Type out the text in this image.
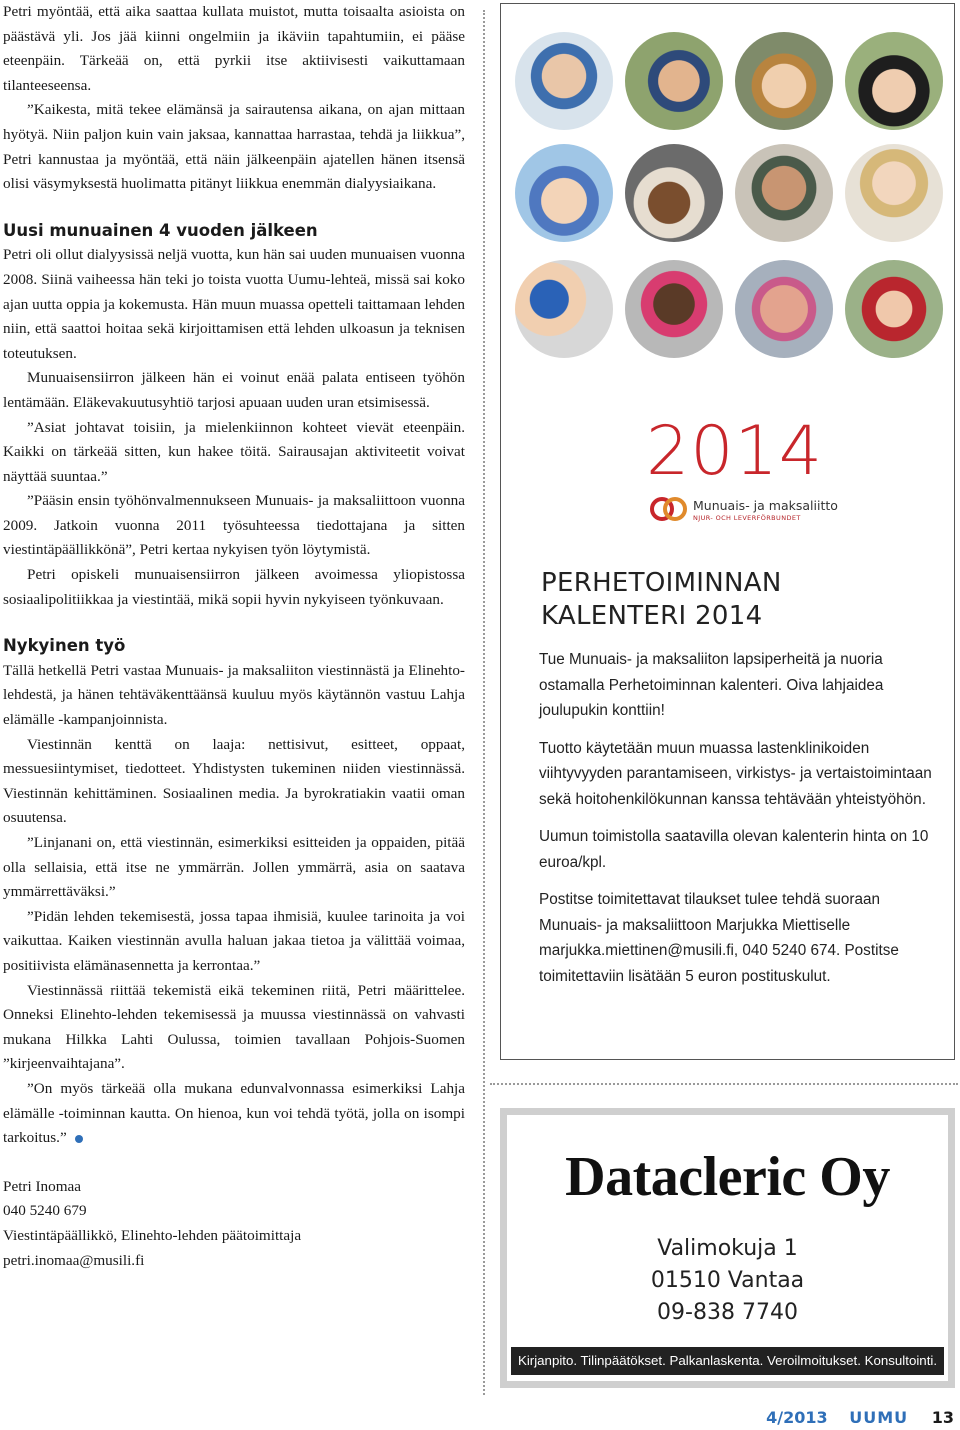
Petri myöntää, että aika saattaa kullata muistot, mutta toisaalta asioista on päästävä yli. Jos jää kiinni ongelmiin ja ikäviin tapahtumiin, ei pääse eteenpäin. Tärkeää on, että pyrkii itse aktiivisesti vaikuttamaan tilanteeseensa.

”Kaikesta, mitä tekee elämänsä ja sairautensa aikana, on ajan mittaan hyötyä. Niin paljon kuin vain jaksaa, kannattaa harrastaa, tehdä ja liikkua”, Petri kannustaa ja myöntää, että näin jälkeenpäin ajatellen hänen itsensä olisi väsymyksestä huolimatta pitänyt liikkua enemmän dialyysiaikana.

Uusi munuainen 4 vuoden jälkeen

Petri oli ollut dialyysissä neljä vuotta, kun hän sai uuden munuaisen vuonna 2008. Siinä vaiheessa hän teki jo toista vuotta Uumu-lehteä, missä sai koko ajan uutta oppia ja kokemusta. Hän muun muassa opetteli taittamaan lehden niin, että saattoi hoitaa sekä kirjoittamisen että lehden ulkoasun ja teknisen toteutuksen.

Munuaisensiirron jälkeen hän ei voinut enää palata entiseen työhön lentämään. Eläkevakuutusyhtiö tarjosi apuaan uuden uran etsimisessä.

”Asiat johtavat toisiin, ja mielenkiinnon kohteet vievät eteenpäin. Kaikki on tärkeää sitten, kun hakee töitä. Sairausajan aktiviteetit voivat näyttää suuntaa.”

”Pääsin ensin työhönvalmennukseen Munuais- ja maksaliittoon vuonna 2009. Jatkoin vuonna 2011 työsuhteessa tiedottajana ja sitten viestintäpäällikkönä”, Petri kertaa nykyisen työn löytymistä.

Petri opiskeli munuaisensiirron jälkeen avoimessa yliopistossa sosiaalipolitiikkaa ja viestintää, mikä sopii hyvin nykyiseen työnkuvaan.

Nykyinen työ

Tällä hetkellä Petri vastaa Munuais- ja maksaliiton viestinnästä ja Elinehto-lehdestä, ja hänen tehtäväkenttäänsä kuuluu myös käytännön vastuu Lahja elämälle -kampanjoinnista.

Viestinnän kenttä on laaja: nettisivut, esitteet, oppaat, messuesiintymiset, tiedotteet. Yhdistysten tukeminen niiden viestinnässä. Viestinnän kehittäminen. Sosiaalinen media. Ja byrokratiakin vaatii oman osuutensa.

”Linjanani on, että viestinnän, esimerkiksi esitteiden ja oppaiden, pitää olla sellaisia, että itse ne ymmärrän. Jollen ymmärrä, asia on saatava ymmärrettäväksi.”

”Pidän lehden tekemisestä, jossa tapaa ihmisiä, kuulee tarinoita ja voi vaikuttaa. Kaiken viestinnän avulla haluan jakaa tietoa ja välittää voimaa, positiivista elämänasennetta ja kerrontaa.”

Viestinnässä riittää tekemistä eikä tekeminen riitä, Petri määrittelee. Onneksi Elinehto-lehden tekemisessä ja muussa viestinnässä on vahvasti mukana Hilkka Lahti Oulussa, toimien tavallaan Pohjois-Suomen ”kirjeenvaihtajana”.

”On myös tärkeää olla mukana edunvalvonnassa esimerkiksi Lahja elämälle -toiminnan kautta. On hienoa, kun voi tehdä työtä, jolla on isompi tarkoitus.”

Petri Inomaa
040 5240 679
Viestintäpäällikkö, Elinehto-lehden päätoimittaja
petri.inomaa@musili.fi
2014
Munuais- ja maksaliitto
NJUR- OCH LEVERFÖRBUNDET
PERHETOIMINNAN
KALENTERI 2014

Tue Munuais- ja maksaliiton lapsiperheitä ja nuoria ostamalla Perhetoiminnan kalenteri. Oiva lahjaidea joulupukin konttiin!

Tuotto käytetään muun muassa lastenklinikoiden viihtyvyyden parantamiseen, virkistys- ja vertaistoimintaan sekä hoitohenkilökunnan kanssa tehtävään yhteistyöhön.

Uumun toimistolla saatavilla olevan kalenterin hinta on 10 euroa/kpl.

Postitse toimitettavat tilaukset tulee tehdä suoraan Munuais- ja maksaliittoon Marjukka Miettiselle marjukka.miettinen@musili.fi, 040 5240 674. Postitse toimitettaviin lisätään 5 euron postituskulut.

Datacleric Oy
Valimokuja 1
01510 Vantaa
09-838 7740
Kirjanpito. Tilinpäätökset. Palkanlaskenta. Veroilmoitukset. Konsultointi.
4/2013 UUMU 13
